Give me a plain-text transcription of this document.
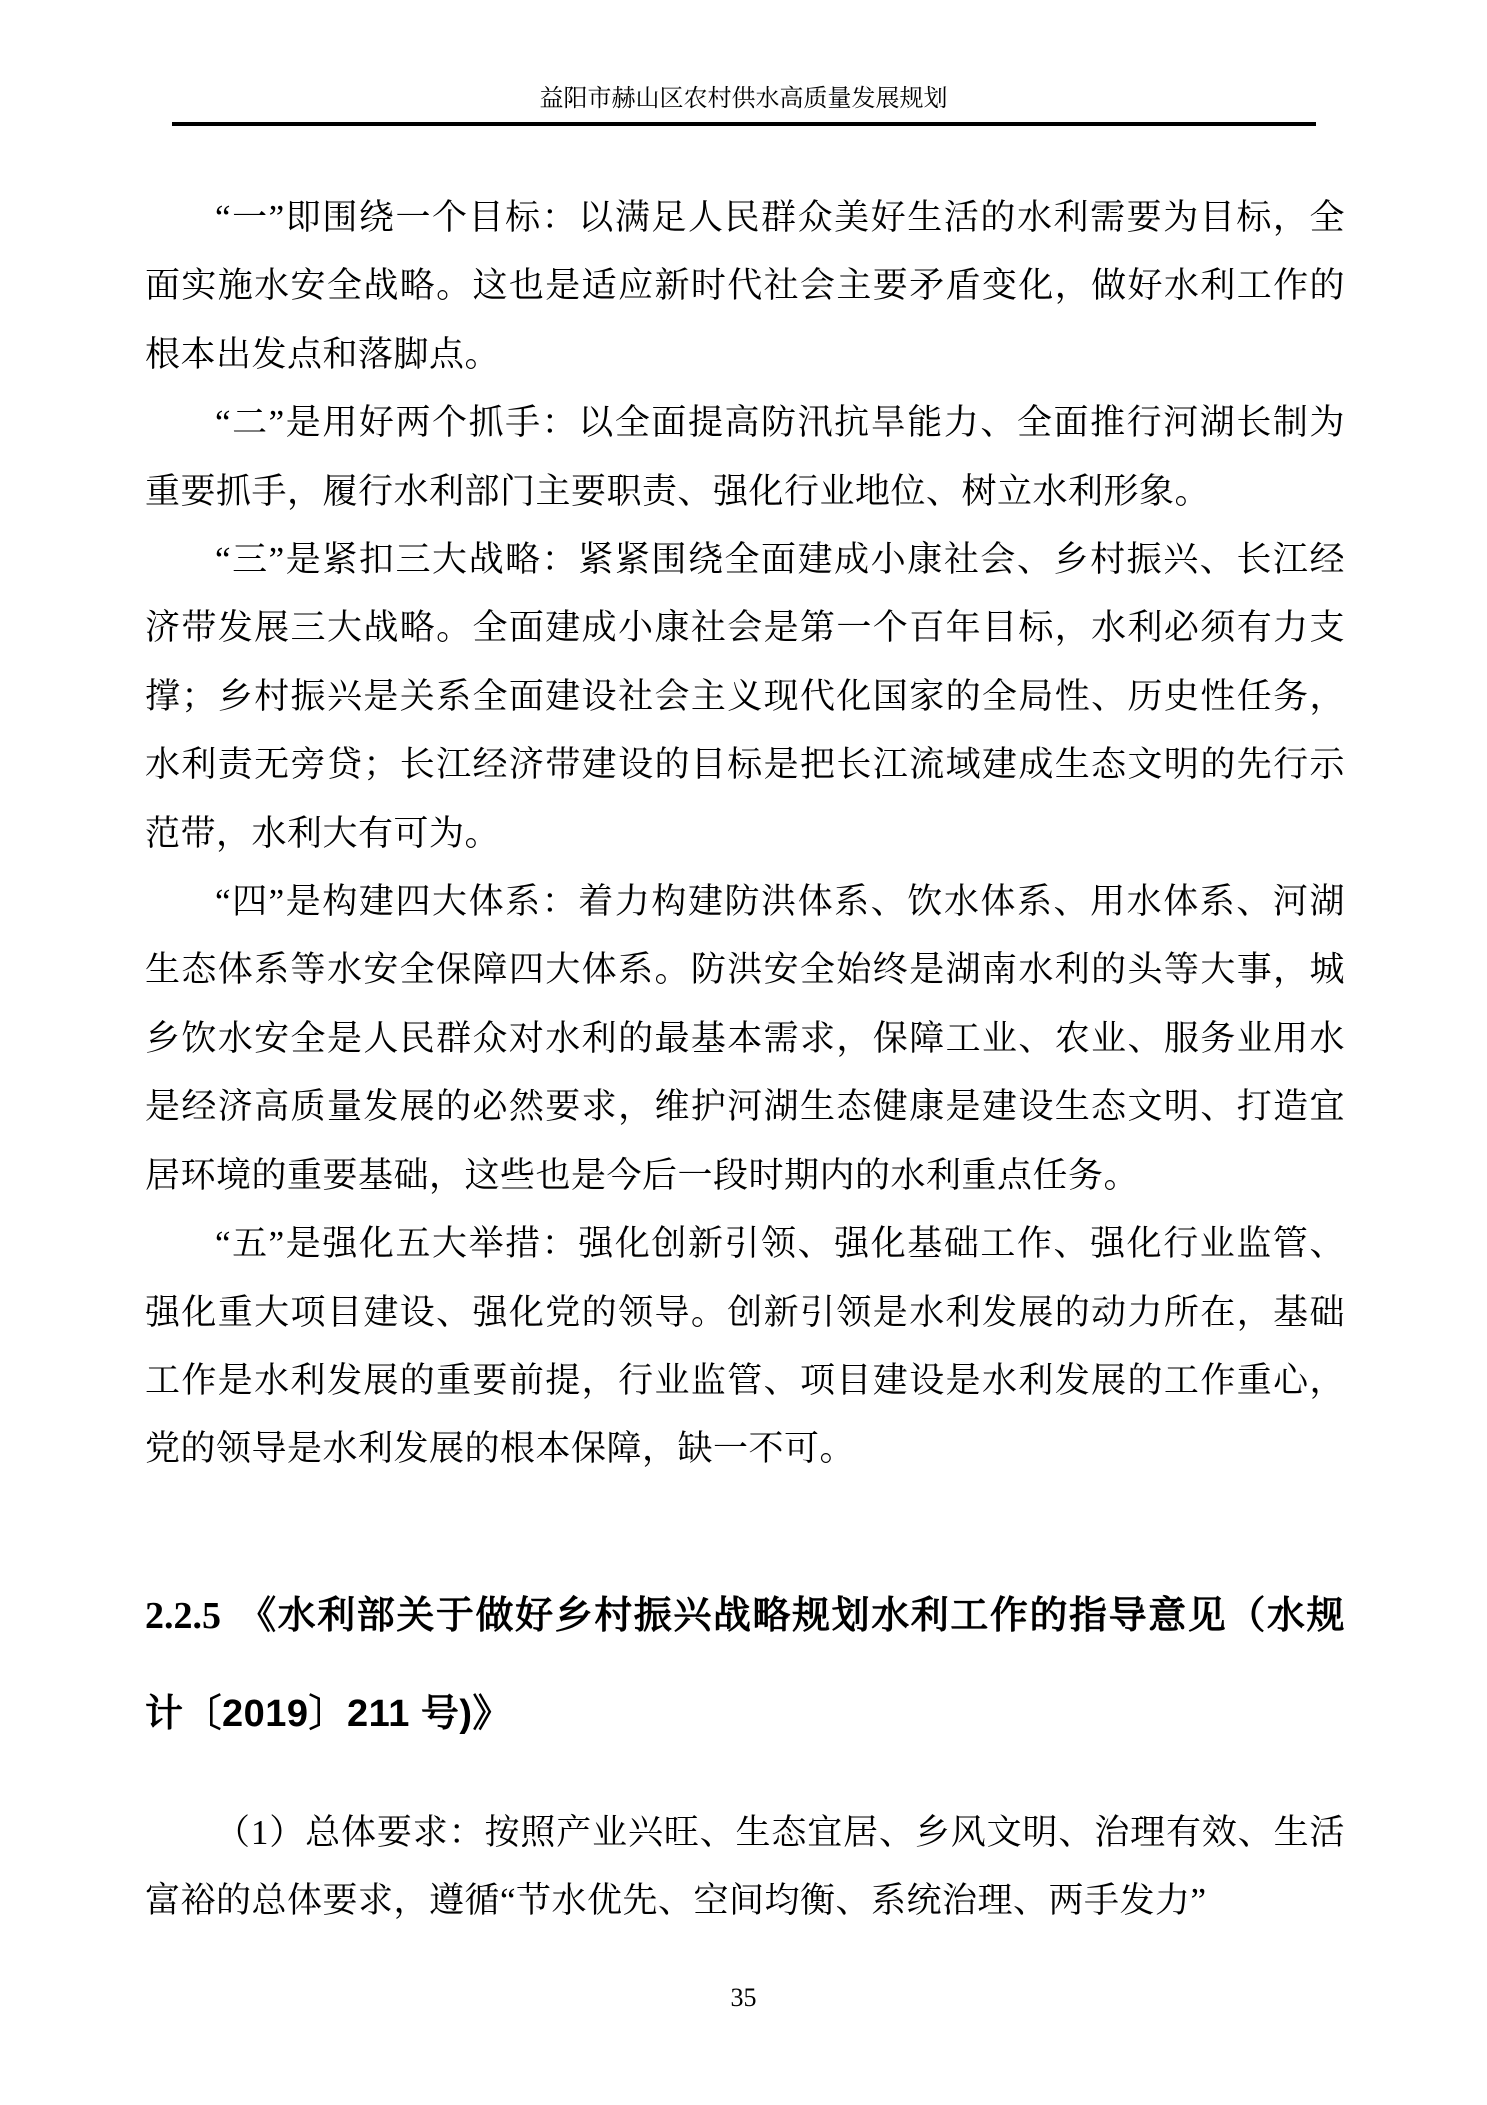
益阳市赫山区农村供水高质量发展规划

“一”即围绕一个目标：以满足人民群众美好生活的水利需要为目标，全面实施水安全战略。这也是适应新时代社会主要矛盾变化，做好水利工作的根本出发点和落脚点。

“二”是用好两个抓手：以全面提高防汛抗旱能力、全面推行河湖长制为重要抓手，履行水利部门主要职责、强化行业地位、树立水利形象。

“三”是紧扣三大战略：紧紧围绕全面建成小康社会、乡村振兴、长江经济带发展三大战略。全面建成小康社会是第一个百年目标，水利必须有力支撑；乡村振兴是关系全面建设社会主义现代化国家的全局性、历史性任务，水利责无旁贷；长江经济带建设的目标是把长江流域建成生态文明的先行示范带，水利大有可为。

“四”是构建四大体系：着力构建防洪体系、饮水体系、用水体系、河湖生态体系等水安全保障四大体系。防洪安全始终是湖南水利的头等大事，城乡饮水安全是人民群众对水利的最基本需求，保障工业、农业、服务业用水是经济高质量发展的必然要求，维护河湖生态健康是建设生态文明、打造宜居环境的重要基础，这些也是今后一段时期内的水利重点任务。

“五”是强化五大举措：强化创新引领、强化基础工作、强化行业监管、强化重大项目建设、强化党的领导。创新引领是水利发展的动力所在，基础工作是水利发展的重要前提，行业监管、项目建设是水利发展的工作重心，党的领导是水利发展的根本保障，缺一不可。

2.2.5 《水利部关于做好乡村振兴战略规划水利工作的指导意见（水规计〔2019〕211 号)》

（1）总体要求：按照产业兴旺、生态宜居、乡风文明、治理有效、生活富裕的总体要求，遵循“节水优先、空间均衡、系统治理、两手发力”

35
